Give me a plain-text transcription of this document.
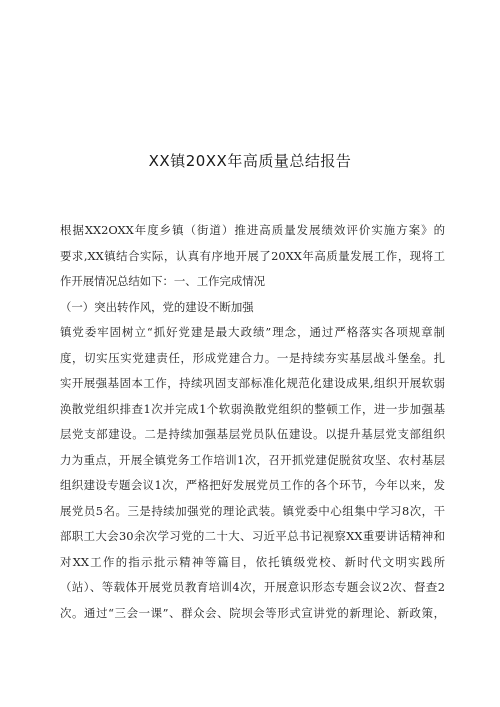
XX镇20XX年高质量总结报告
根据XX2OXX年度乡镇（街道）推进高质量发展绩效评价实施方案》的
要求,XX镇结合实际，认真有序地开展了20XX年高质量发展工作，现将工
作开展情况总结如下：一、工作完成情况
（一）突出转作风，党的建设不断加强
镇党委牢固树立“抓好党建是最大政绩”理念，通过严格落实各项规章制
度，切实压实党建责任，形成党建合力。一是持续夯实基层战斗堡垒。扎
实开展强基固本工作，持续巩固支部标准化规范化建设成果,组织开展软弱
涣散党组织排查1次并完成1个软弱涣散党组织的整顿工作，进一步加强基
层党支部建设。二是持续加强基层党员队伍建设。以提升基层党支部组织
力为重点，开展全镇党务工作培训1次，召开抓党建促脱贫攻坚、农村基层
组织建设专题会议1次，严格把好发展党员工作的各个环节，今年以来，发
展党员5名。三是持续加强党的理论武装。镇党委中心组集中学习8次，干
部职工大会30余次学习党的二十大、习近平总书记视察XX重要讲话精神和
对XX工作的指示批示精神等篇目，依托镇级党校、新时代文明实践所
（站）、等载体开展党员教育培训4次，开展意识形态专题会议2次、督查2
次。通过“三会一课”、群众会、院坝会等形式宣讲党的新理论、新政策，
